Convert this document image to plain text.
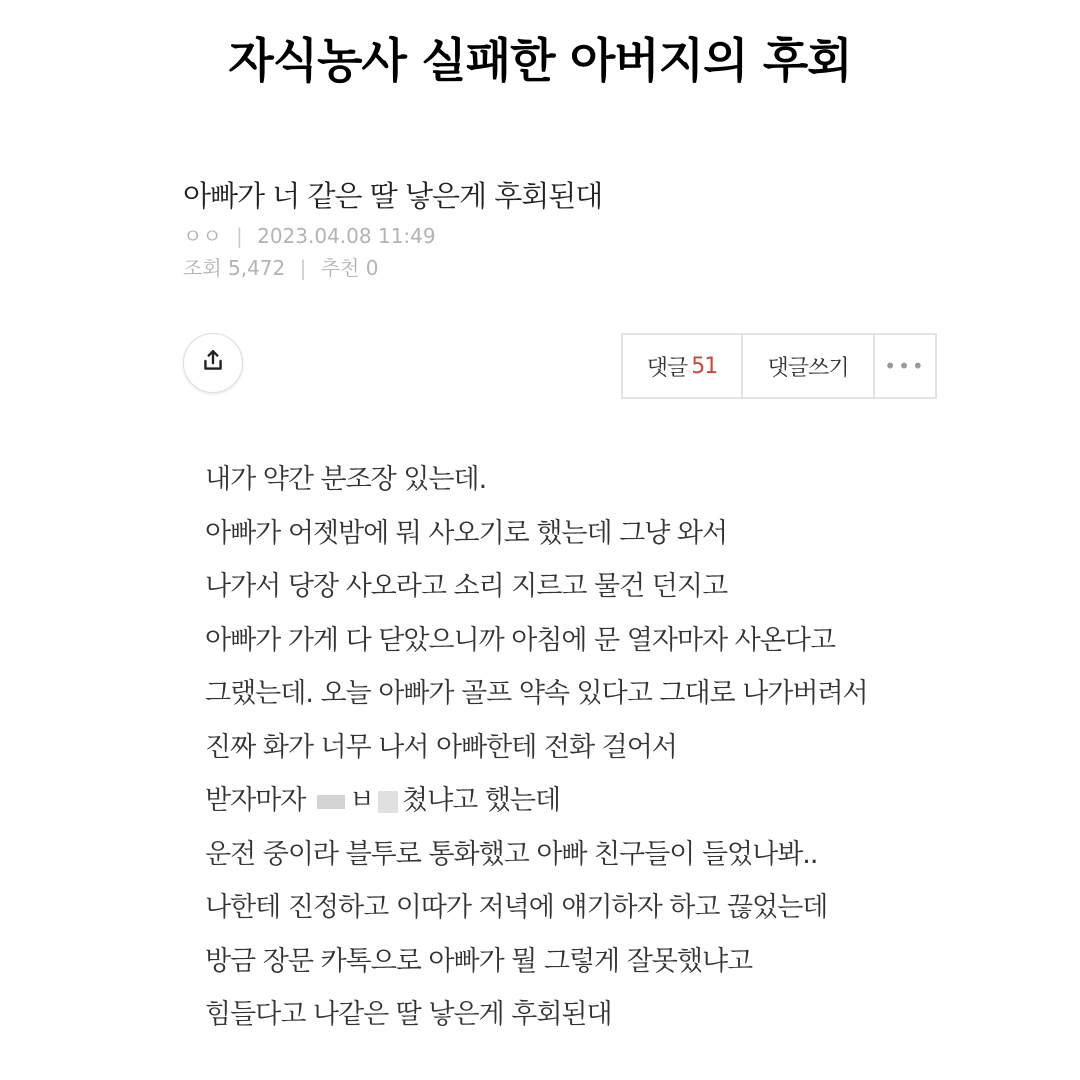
자식농사 실패한 아버지의 후회
아빠가 너 같은 딸 낳은게 후회된대
ㅇㅇ | 2023.04.08 11:49
조회 5,472 | 추천 0
댓글 51 댓글쓰기 •••
내가 약간 분조장 있는데.
아빠가 어젯밤에 뭐 사오기로 했는데 그냥 와서
나가서 당장 사오라고 소리 지르고 물건 던지고
아빠가 가게 다 닫았으니까 아침에 문 열자마자 사온다고
그랬는데. 오늘 아빠가 골프 약속 있다고 그대로 나가버려서
진짜 화가 너무 나서 아빠한테 전화 걸어서
받자마자 ㅂ 쳤냐고 했는데
운전 중이라 블투로 통화했고 아빠 친구들이 들었나봐..
나한테 진정하고 이따가 저녁에 얘기하자 하고 끊었는데
방금 장문 카톡으로 아빠가 뭘 그렇게 잘못했냐고
힘들다고 나같은 딸 낳은게 후회된대
